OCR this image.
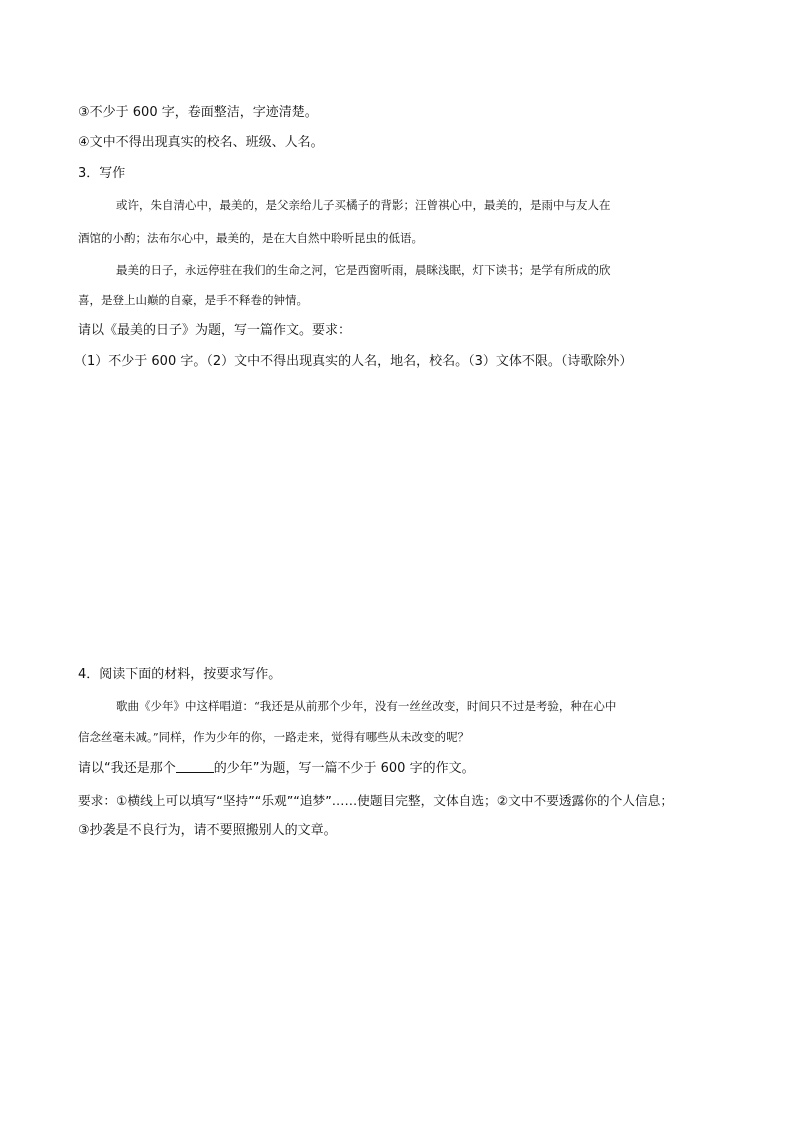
③不少于 600 字，卷面整洁，字迹清楚。
④文中不得出现真实的校名、班级、人名。
3．写作
或许，朱自清心中，最美的，是父亲给儿子买橘子的背影；汪曾祺心中，最美的，是雨中与友人在
酒馆的小酌；法布尔心中，最美的，是在大自然中聆听昆虫的低语。
最美的日子，永远停驻在我们的生命之河，它是西窗听雨，晨眯浅眠，灯下读书；是学有所成的欣
喜，是登上山巅的自豪，是手不释卷的钟情。
请以《最美的日子》为题，写一篇作文。要求：
（1）不少于 600 字。（2）文中不得出现真实的人名，地名，校名。（3）文体不限。（诗歌除外）
4．阅读下面的材料，按要求写作。
歌曲《少年》中这样唱道：“我还是从前那个少年，没有一丝丝改变，时间只不过是考验，种在心中
信念丝毫未减。”同样，作为少年的你，一路走来，觉得有哪些从未改变的呢？
请以“我还是那个	的少年”为题，写一篇不少于 600 字的作文。
要求：①横线上可以填写“坚持”“乐观”“追梦”……使题目完整，文体自选；②文中不要透露你的个人信息；
③抄袭是不良行为，请不要照搬别人的文章。
